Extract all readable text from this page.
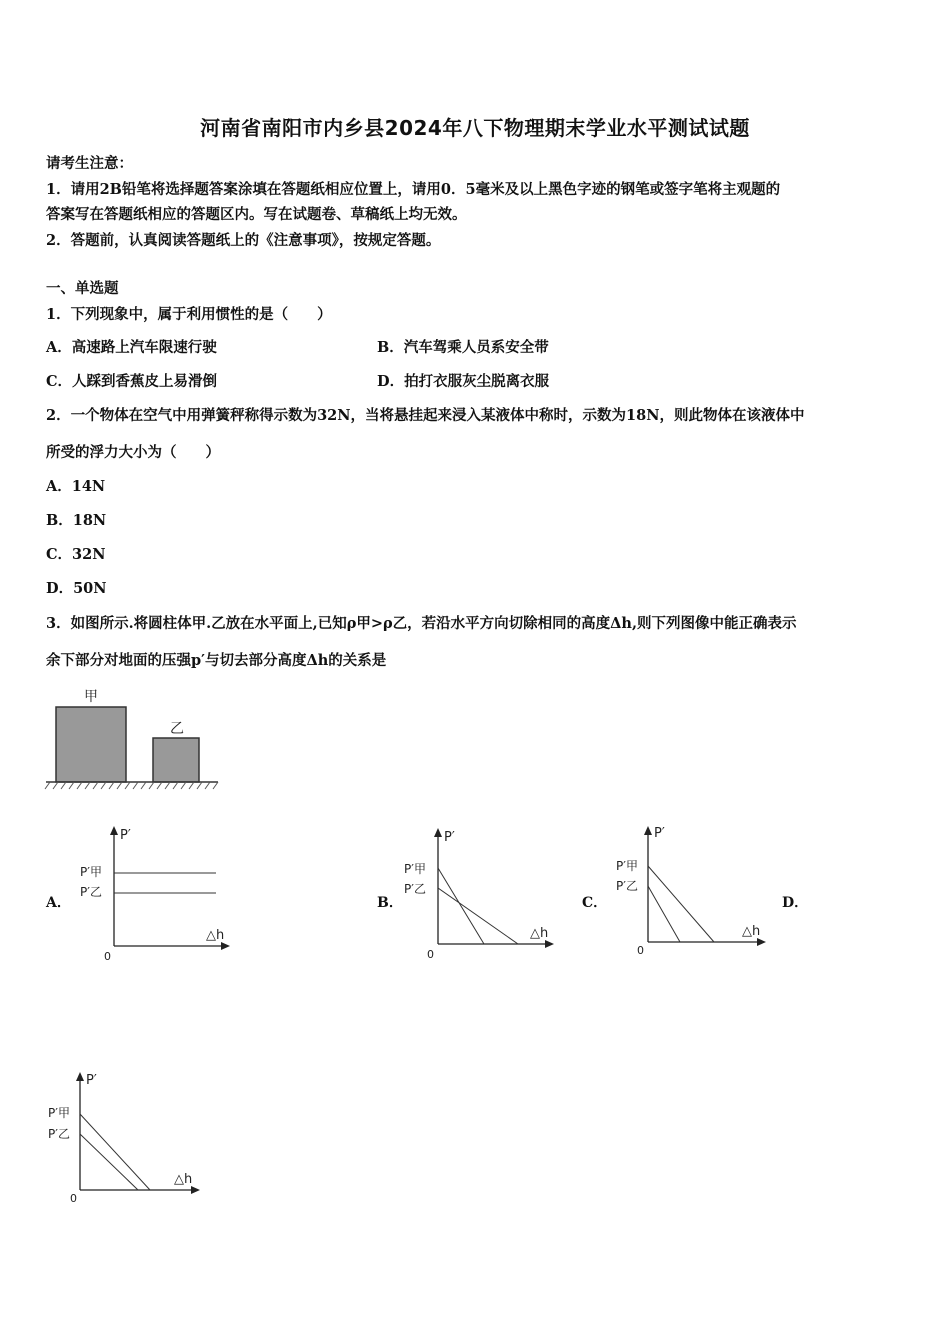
河南省南阳市内乡县2024年八下物理期末学业水平测试试题
请考生注意：
1．请用2B铅笔将选择题答案涂填在答题纸相应位置上，请用0．5毫米及以上黑色字迹的钢笔或签字笔将主观题的
答案写在答题纸相应的答题区内。写在试题卷、草稿纸上均无效。
2．答题前，认真阅读答题纸上的《注意事项》，按规定答题。
一、单选题
1．下列现象中，属于利用惯性的是（　　）
A．高速路上汽车限速行驶	B．汽车驾乘人员系安全带
C．人踩到香蕉皮上易滑倒	D．拍打衣服灰尘脱离衣服
2．一个物体在空气中用弹簧秤称得示数为32N，当将悬挂起来浸入某液体中称时，示数为18N，则此物体在该液体中
所受的浮力大小为（　　）
A．14N
B．18N
C．32N
D．50N
3．如图所示.将圆柱体甲.乙放在水平面上,已知ρ甲>ρ乙，若沿水平方向切除相同的高度Δh,则下列图像中能正确表示
余下部分对地面的压强p′与切去部分高度Δh的关系是
甲
乙
A．	B．	C．	D．
P′
P′甲
P′乙
△h
0
P′
P′甲
P′乙
△h
0
P′
P′甲
P′乙
△h
0
P′
P′甲
P′乙
△h
0
